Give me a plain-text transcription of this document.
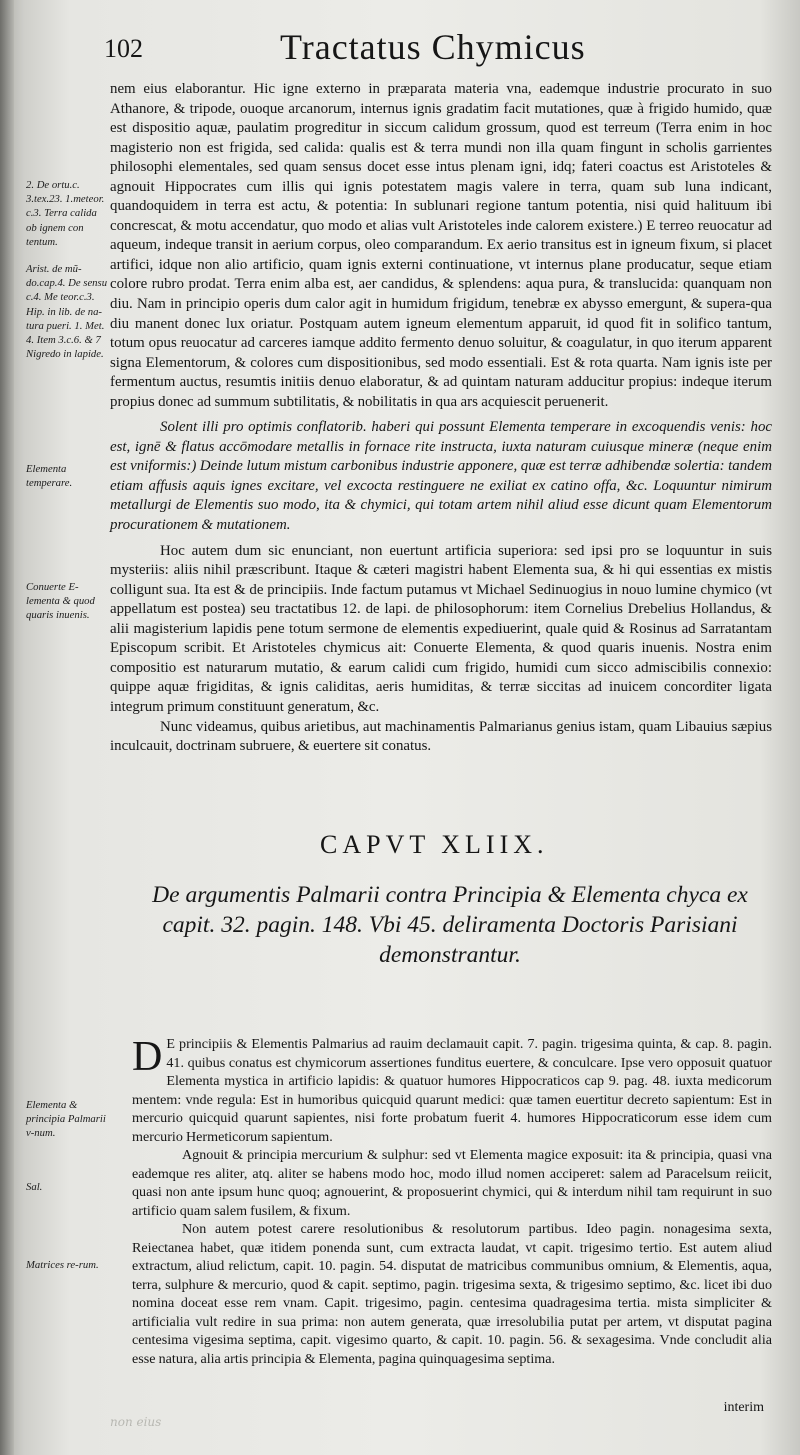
102	Tractatus Chymicus
2. De ortu.c. 3.tex.23. 1.meteor. c.3. Terra calida ob ignem con tentum.
Arist. de mũ-do.cap.4. De sensu c.4. Me teor.c.3. Hip. in lib. de na-tura pueri. 1. Met. 4. Item 3.c.6. & 7 Nigredo in lapide.
Elementa temperare.
Conuerte E-lementa & quod quaris inuenis.
Elementa & principia Palmarii v-num.
Sal.
Matrices re-rum.

nem eius elaborantur. Hic igne externo in præparata materia vna, eademque industrie procurato in suo Athanore, & tripode, ouoque arcanorum, internus ignis gradatim facit mutationes, quæ à frigido humido, quæ est dispositio aquæ, paulatim progreditur in siccum calidum grossum, quod est terreum (Terra enim in hoc magisterio non est frigida, sed calida: qualis est & terra mundi non illa quam fingunt in scholis garrientes philosophi elementales, sed quam sensus docet esse intus plenam igni, idq; fateri coactus est Aristoteles & agnouit Hippocrates cum illis qui ignis potestatem magis valere in terra, quam sub luna indicant, quandoquidem in terra est actu, & potentia: In sublunari regione tantum potentia, nisi quid halituum ibi concrescat, & motu accendatur, quo modo et alias vult Aristoteles inde calorem existere.) E terreo reuocatur ad aqueum, indeque transit in aerium corpus, oleo comparandum. Ex aerio transitus est in igneum fixum, si placet artifici, idque non alio artificio, quam ignis externi continuatione, vt internus plane producatur, seque etiam colore rubro prodat. Terra enim alba est, aer candidus, & splendens: aqua pura, & translucida: quanquam non diu. Nam in principio operis dum calor agit in humidum frigidum, tenebræ ex abysso emergunt, & supera-qua diu manent donec lux oriatur. Postquam autem igneum elementum apparuit, id quod fit in solifico tantum, totum opus reuocatur ad carceres iamque addito fermento denuo soluitur, & coagulatur, in quo iterum apparent signa Elementorum, & colores cum dispositionibus, sed modo essentiali. Est & rota quarta. Nam ignis iste per fermentum auctus, resumtis initiis denuo elaboratur, & ad quintam naturam adducitur propius: indeque iterum propius donec ad summum subtilitatis, & nobilitatis in qua ars acquiescit peruenerit.

Solent illi pro optimis conflatorib. haberi qui possunt Elementa temperare in excoquendis venis: hoc est, ignē & flatus accōmodare metallis in fornace rite instructa, iuxta naturam cuiusque mineræ (neque enim est vniformis:) Deinde lutum mistum carbonibus industrie apponere, quæ est terræ adhibendæ solertia: tandem etiam affusis aquis ignes excitare, vel excocta restinguere ne exiliat ex catino offa, &c. Loquuntur nimirum metallurgi de Elementis suo modo, ita & chymici, qui totam artem nihil aliud esse dicunt quam Elementorum procurationem & mutationem.

Hoc autem dum sic enunciant, non euertunt artificia superiora: sed ipsi pro se loquuntur in suis mysteriis: aliis nihil præscribunt. Itaque & cæteri magistri habent Elementa sua, & hi qui essentias ex mistis colligunt sua. Ita est & de principiis. Inde factum putamus vt Michael Sedinuogius in nouo lumine chymico (vt appellatum est postea) seu tractatibus 12. de lapi. de philosophorum: item Cornelius Drebelius Hollandus, & alii magisterium lapidis pene totum sermone de elementis expediuerint, quale quid & Rosinus ad Sarratantam Episcopum scribit. Et Aristoteles chymicus ait: Conuerte Elementa, & quod quaris inuenis. Nostra enim compositio est naturarum mutatio, & earum calidi cum frigido, humidi cum sicco admiscibilis connexio: quippe aquæ frigiditas, & ignis caliditas, aeris humiditas, & terræ siccitas ad inuicem concorditer ligata integrum primum constituunt generatum, &c.

Nunc videamus, quibus arietibus, aut machinamentis Palmarianus genius istam, quam Libauius sæpius inculcauit, doctrinam subruere, & euertere sit conatus.

CAPVT XLIIX.
De argumentis Palmarii contra Principia & Elementa chyca ex capit. 32. pagin. 148. Vbi 45. deliramenta Doctoris Parisiani demonstrantur.
D E principiis & Elementis Palmarius ad rauim declamauit capit. 7. pagin. trigesima quinta, & cap. 8. pagin. 41. quibus conatus est chymicorum assertiones funditus euertere, & conculcare. Ipse vero opposuit quatuor Elementa mystica in artificio lapidis: & quatuor humores Hippocraticos cap 9. pag. 48. iuxta medicorum mentem: vnde regula: Est in humoribus quicquid quarunt medici: quæ tamen euertitur decreto sapientum: Est in mercurio quicquid quarunt sapientes, nisi forte probatum fuerit 4. humores Hippocraticorum esse idem cum mercurio Hermeticorum sapientum.

Agnouit & principia mercurium & sulphur: sed vt Elementa magice exposuit: ita & principia, quasi vna eademque res aliter, atq. aliter se habens modo hoc, modo illud nomen acciperet: salem ad Paracelsum reiicit, quasi non ante ipsum hunc quoq; agnouerint, & proposuerint chymici, qui & interdum nihil tam requirunt in suo artificio quam salem fusilem, & fixum.

Non autem potest carere resolutionibus & resolutorum partibus. Ideo pagin. nonagesima sexta, Reiectanea habet, quæ itidem ponenda sunt, cum extracta laudat, vt capit. trigesimo tertio. Est autem aliud extractum, aliud relictum, capit. 10. pagin. 54. disputat de matricibus communibus omnium, & Elementis, aqua, terra, sulphure & mercurio, quod & capit. septimo, pagin. trigesima sexta, & trigesimo septimo, &c. licet ibi duo nomina doceat esse rem vnam. Capit. trigesimo, pagin. centesima quadragesima tertia. mista simpliciter & artificialia vult redire in sua prima: non autem generata, quæ irresolubilia putat per artem, vt disputat pagina centesima vigesima septima, capit. vigesimo quarto, & capit. 10. pagin. 56. & sexagesima. Vnde concludit alia esse natura, alia artis principia & Elementa, pagina quinquagesima septima.

interim
non eius
